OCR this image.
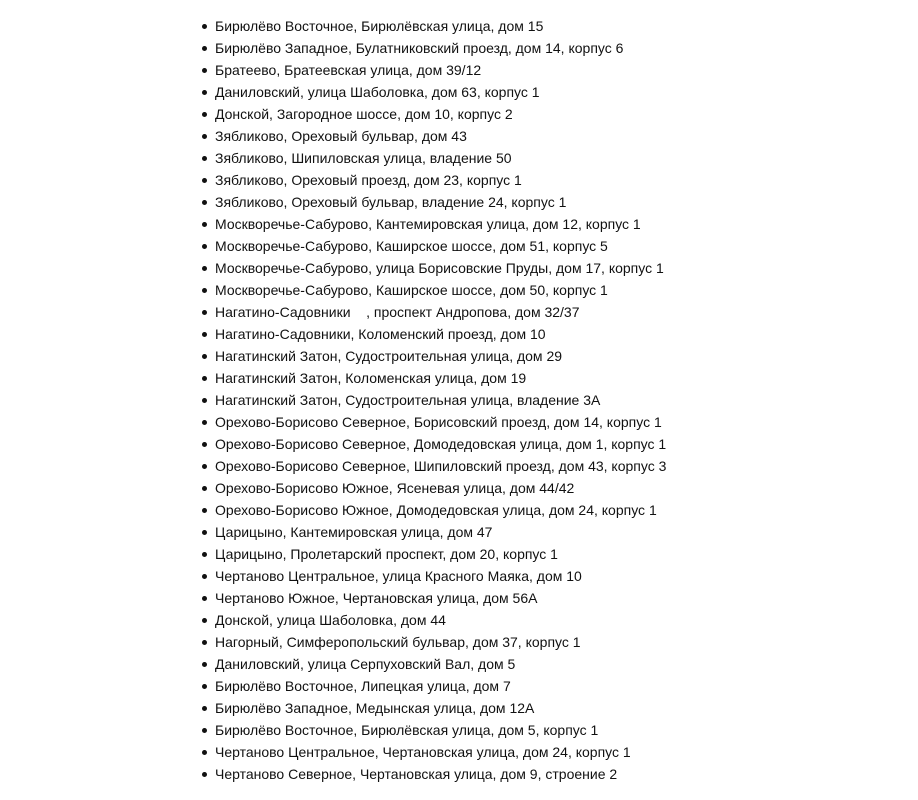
Бирюлёво Восточное, Бирюлёвская улица, дом 15
Бирюлёво Западное, Булатниковский проезд, дом 14, корпус 6
Братеево, Братеевская улица, дом 39/12
Даниловский, улица Шаболовка, дом 63, корпус 1
Донской, Загородное шоссе, дом 10, корпус 2
Зябликово, Ореховый бульвар, дом 43
Зябликово, Шипиловская улица, владение 50
Зябликово, Ореховый проезд, дом 23, корпус 1
Зябликово, Ореховый бульвар, владение 24, корпус 1
Москворечье-Сабурово, Кантемировская улица, дом 12, корпус 1
Москворечье-Сабурово, Каширское шоссе, дом 51, корпус 5
Москворечье-Сабурово, улица Борисовские Пруды, дом 17, корпус 1
Москворечье-Сабурово, Каширское шоссе, дом 50, корпус 1
Нагатино-Садовники    , проспект Андропова, дом 32/37
Нагатино-Садовники, Коломенский проезд, дом 10
Нагатинский Затон, Судостроительная улица, дом 29
Нагатинский Затон, Коломенская улица, дом 19
Нагатинский Затон, Судостроительная улица, владение 3А
Орехово-Борисово Северное, Борисовский проезд, дом 14, корпус 1
Орехово-Борисово Северное, Домодедовская улица, дом 1, корпус 1
Орехово-Борисово Северное, Шипиловский проезд, дом 43, корпус 3
Орехово-Борисово Южное, Ясеневая улица, дом 44/42
Орехово-Борисово Южное, Домодедовская улица, дом 24, корпус 1
Царицыно, Кантемировская улица, дом 47
Царицыно, Пролетарский проспект, дом 20, корпус 1
Чертаново Центральное, улица Красного Маяка, дом 10
Чертаново Южное, Чертановская улица, дом 56А
Донской, улица Шаболовка, дом 44
Нагорный, Симферопольский бульвар, дом 37, корпус 1
Даниловский, улица Серпуховский Вал, дом 5
Бирюлёво Восточное, Липецкая улица, дом 7
Бирюлёво Западное, Медынская улица, дом 12А
Бирюлёво Восточное, Бирюлёвская улица, дом 5, корпус 1
Чертаново Центральное, Чертановская улица, дом 24, корпус 1
Чертаново Северное, Чертановская улица, дом 9, строение 2
